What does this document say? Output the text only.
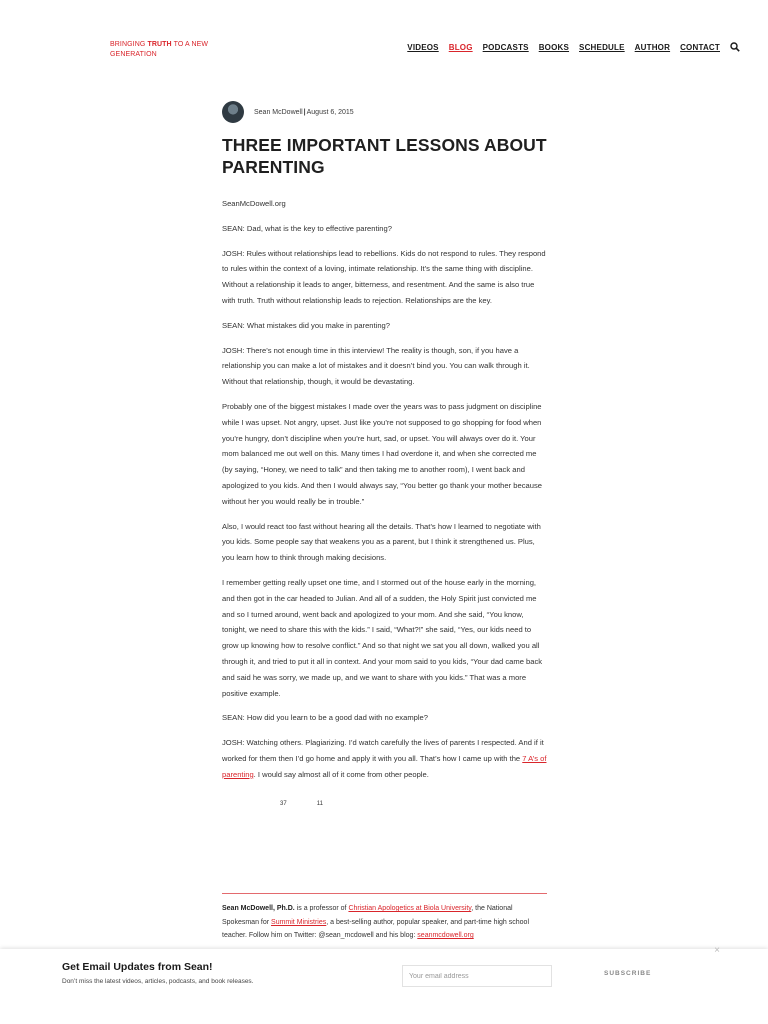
BRINGING TRUTH TO A NEW GENERATION
VIDEOS BLOG PODCASTS BOOKS SCHEDULE AUTHOR CONTACT
Sean McDowell|August 6, 2015
THREE IMPORTANT LESSONS ABOUT PARENTING

SeanMcDowell.org

SEAN: Dad, what is the key to effective parenting?

JOSH: Rules without relationships lead to rebellions. Kids do not respond to rules. They respond to rules within the context of a loving, intimate relationship. It’s the same thing with discipline. Without a relationship it leads to anger, bitterness, and resentment. And the same is also true with truth. Truth without relationship leads to rejection. Relationships are the key.

SEAN: What mistakes did you make in parenting?

JOSH: There’s not enough time in this interview! The reality is though, son, if you have a relationship you can make a lot of mistakes and it doesn’t bind you. You can walk through it. Without that relationship, though, it would be devastating.

Probably one of the biggest mistakes I made over the years was to pass judgment on discipline while I was upset. Not angry, upset. Just like you’re not supposed to go shopping for food when you’re hungry, don’t discipline when you’re hurt, sad, or upset. You will always over do it. Your mom balanced me out well on this. Many times I had overdone it, and when she corrected me (by saying, “Honey, we need to talk” and then taking me to another room), I went back and apologized to you kids. And then I would always say, “You better go thank your mother because without her you would really be in trouble.”

Also, I would react too fast without hearing all the details. That’s how I learned to negotiate with you kids. Some people say that weakens you as a parent, but I think it strengthened us. Plus, you learn how to think through making decisions.

I remember getting really upset one time, and I stormed out of the house early in the morning, and then got in the car headed to Julian. And all of a sudden, the Holy Spirit just convicted me and so I turned around, went back and apologized to your mom. And she said, “You know, tonight, we need to share this with the kids.” I said, “What?!” she said, “Yes, our kids need to grow up knowing how to resolve conflict.” And so that night we sat you all down, walked you all through it, and tried to put it all in context. And your mom said to you kids, “Your dad came back and said he was sorry, we made up, and we want to share with you kids.” That was a more positive example.

SEAN: How did you learn to be a good dad with no example?

JOSH: Watching others. Plagiarizing. I’d watch carefully the lives of parents I respected. And if it worked for them then I’d go home and apply it with you all. That’s how I came up with the 7 A’s of parenting. I would say almost all of it come from other people.

37	11
Sean McDowell, Ph.D. is a professor of Christian Apologetics at Biola University, the National Spokesman for Summit Ministries, a best-selling author, popular speaker, and part-time high school teacher. Follow him on Twitter: @sean_mcdowell and his blog: seanmcdowell.org
×
Get Email Updates from Sean!
Don’t miss the latest videos, articles, podcasts, and book releases.
Your email address
SUBSCRIBE
